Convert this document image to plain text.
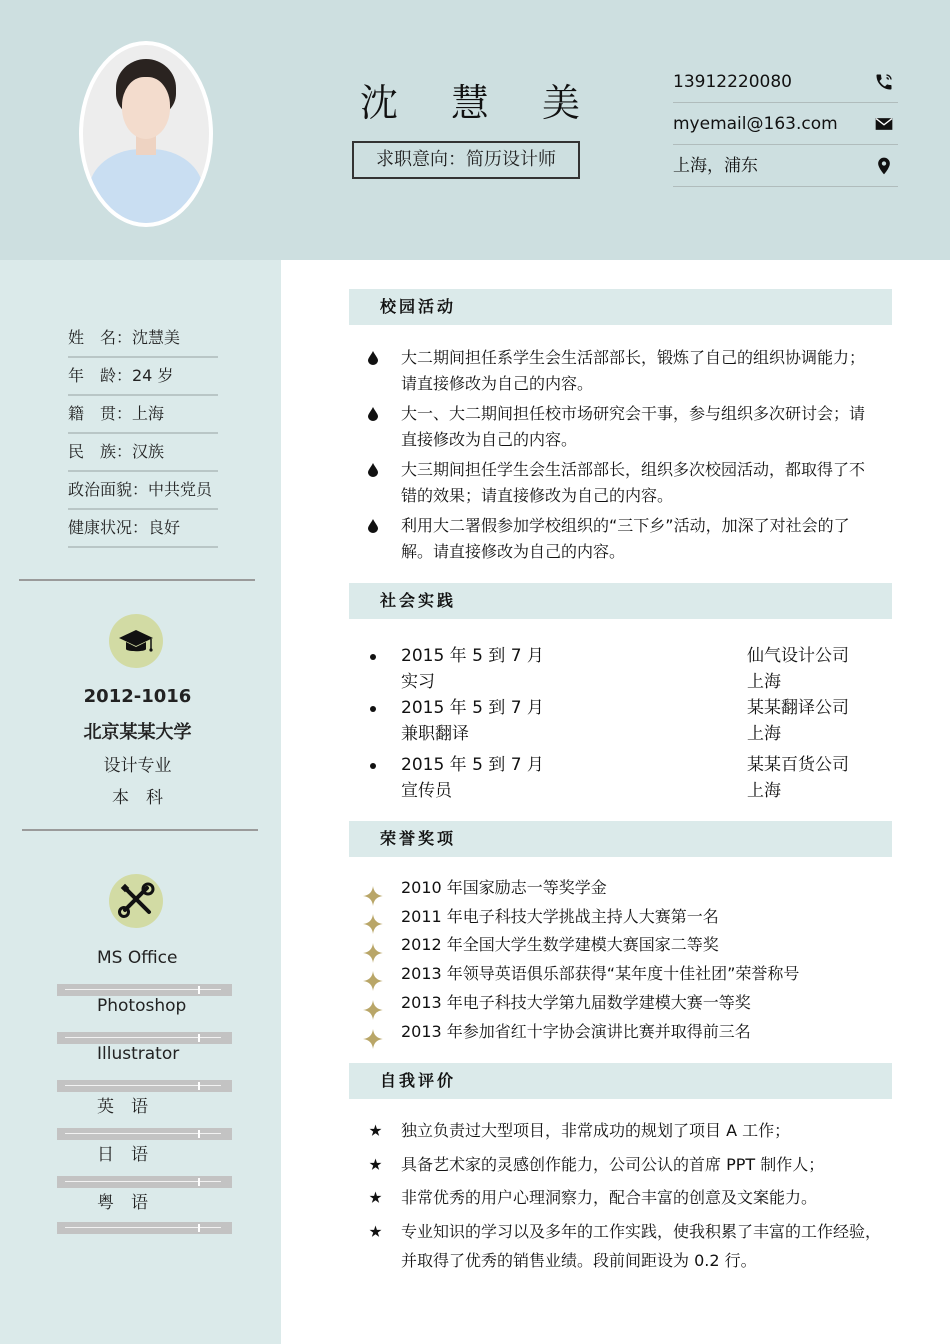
沈 慧 美
求职意向：简历设计师
13912220080
myemail@163.com
上海，浦东
姓　名：沈慧美
年　龄：24 岁
籍　贯：上海
民　族：汉族
政治面貌：中共党员
健康状况：良好
2012-1016
北京某某大学
设计专业
本　科
MS Office
Photoshop
Illustrator
英　语
日　语
粤　语
校园活动
大二期间担任系学生会生活部部长，锻炼了自己的组织协调能力；请直接修改为自己的内容。
大一、大二期间担任校市场研究会干事，参与组织多次研讨会；请直接修改为自己的内容。
大三期间担任学生会生活部部长，组织多次校园活动，都取得了不错的效果；请直接修改为自己的内容。
利用大二署假参加学校组织的“三下乡”活动，加深了对社会的了解。请直接修改为自己的内容。
社会实践
2015 年 5 到 7 月
实习
仙气设计公司
上海
2015 年 5 到 7 月
兼职翻译
某某翻译公司
上海
2015 年 5 到 7 月
宣传员
某某百货公司
上海
荣誉奖项
2010 年国家励志一等奖学金
2011 年电子科技大学挑战主持人大赛第一名
2012 年全国大学生数学建模大赛国家二等奖
2013 年领导英语俱乐部获得“某年度十佳社团”荣誉称号
2013 年电子科技大学第九届数学建模大赛一等奖
2013 年参加省红十字协会演讲比赛并取得前三名
自我评价
独立负责过大型项目，非常成功的规划了项目 A 工作；
具备艺术家的灵感创作能力，公司公认的首席 PPT 制作人；
非常优秀的用户心理洞察力，配合丰富的创意及文案能力。
专业知识的学习以及多年的工作实践，使我积累了丰富的工作经验，并取得了优秀的销售业绩。段前间距设为 0.2 行。
